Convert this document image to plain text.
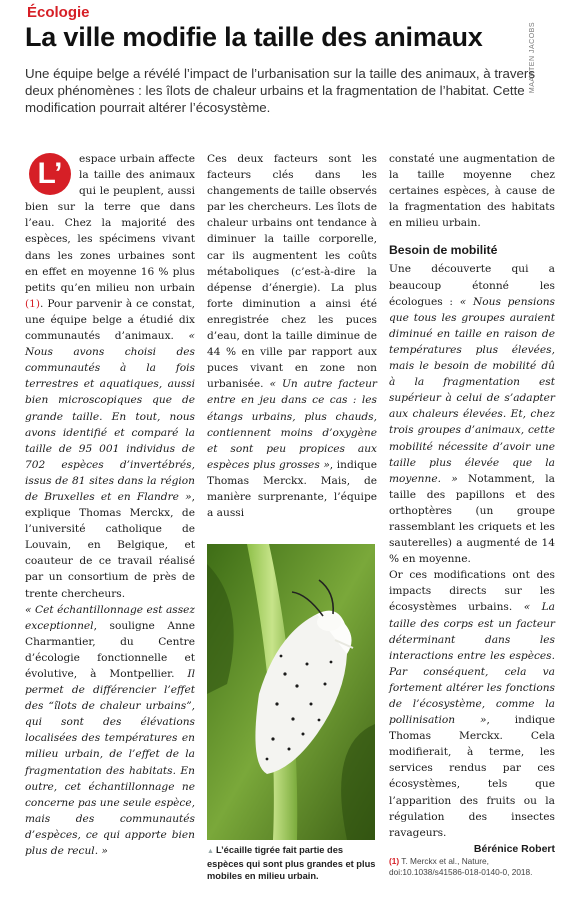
Écologie
La ville modifie la taille des animaux	MAARTEN JACOBS
Une équipe belge a révélé l’impact de l’urbanisation sur la taille des animaux, à travers deux phénomènes : les îlots de chaleur urbains et la fragmentation de l’habitat. Cette modification pourrait altérer l’écosystème.

L’	espace urbain affecte la taille des animaux qui le peuplent, aussi bien sur la terre que dans l’eau. Chez la majorité des espèces, les spécimens vivant dans les zones urbaines sont en effet en moyenne 16 % plus petits qu’en milieu non urbain (1). Pour parvenir à ce constat, une équipe belge a étudié dix communautés d’animaux. « Nous avons choisi des communautés à la fois terrestres et aquatiques, aussi bien microscopiques que de grande taille. En tout, nous avons identifié et comparé la taille de 95 001 individus de 702 espèces d’invertébrés, issus de 81 sites dans la région de Bruxelles et en Flandre », explique Thomas Merckx, de l’université catholique de Louvain, en Belgique, et coauteur de ce travail réalisé par un consortium de près de trente chercheurs.

« Cet échantillonnage est assez exceptionnel, souligne Anne Charmantier, du Centre d’écologie fonctionnelle et évolutive, à Montpellier. Il permet de différencier l’effet des “îlots de chaleur urbains”, qui sont des élévations localisées des températures en milieu urbain, de l’effet de la fragmentation des habitats. En outre, cet échantillonnage ne concerne pas une seule espèce, mais des communautés d’espèces, ce qui apporte bien plus de recul. »

Ces deux facteurs sont les facteurs clés dans les changements de taille observés par les chercheurs. Les îlots de chaleur urbains ont tendance à diminuer la taille corporelle, car ils augmentent les coûts métaboliques (c’est-à-dire la dépense d’énergie). La plus forte diminution a ainsi été enregistrée chez les puces d’eau, dont la taille diminue de 44 % en ville par rapport aux puces vivant en zone non urbanisée. « Un autre facteur entre en jeu dans ce cas : les étangs urbains, plus chauds, contiennent moins d’oxygène et sont peu propices aux espèces plus grosses », indique Thomas Merckx. Mais, de manière surprenante, l’équipe a aussi

▲ L’écaille tigrée fait partie des espèces qui sont plus grandes et plus mobiles en milieu urbain.

constaté une augmentation de la taille moyenne chez certaines espèces, à cause de la fragmentation des habitats en milieu urbain.

Besoin de mobilité

Une découverte qui a beaucoup étonné les écologues : « Nous pensions que tous les groupes auraient diminué en taille en raison de températures plus élevées, mais le besoin de mobilité dû à la fragmentation est supérieur à celui de s’adapter aux chaleurs élevées. Et, chez trois groupes d’animaux, cette mobilité nécessite d’avoir une taille plus élevée que la moyenne. » Notamment, la taille des papillons et des orthoptères (un groupe rassemblant les criquets et les sauterelles) a augmenté de 14 % en moyenne.

Or ces modifications ont des impacts directs sur les écosystèmes urbains. « La taille des corps est un facteur déterminant dans les interactions entre les espèces. Par conséquent, cela va fortement altérer les fonctions de l’écosystème, comme la pollinisation », indique Thomas Merckx. Cela modifierait, à terme, les services rendus par ces écosystèmes, tels que l’apparition des fruits ou la régulation des insectes ravageurs.
Bérénice Robert

(1) T. Merckx et al., Nature, doi:10.1038/s41586-018-0140-0, 2018.
